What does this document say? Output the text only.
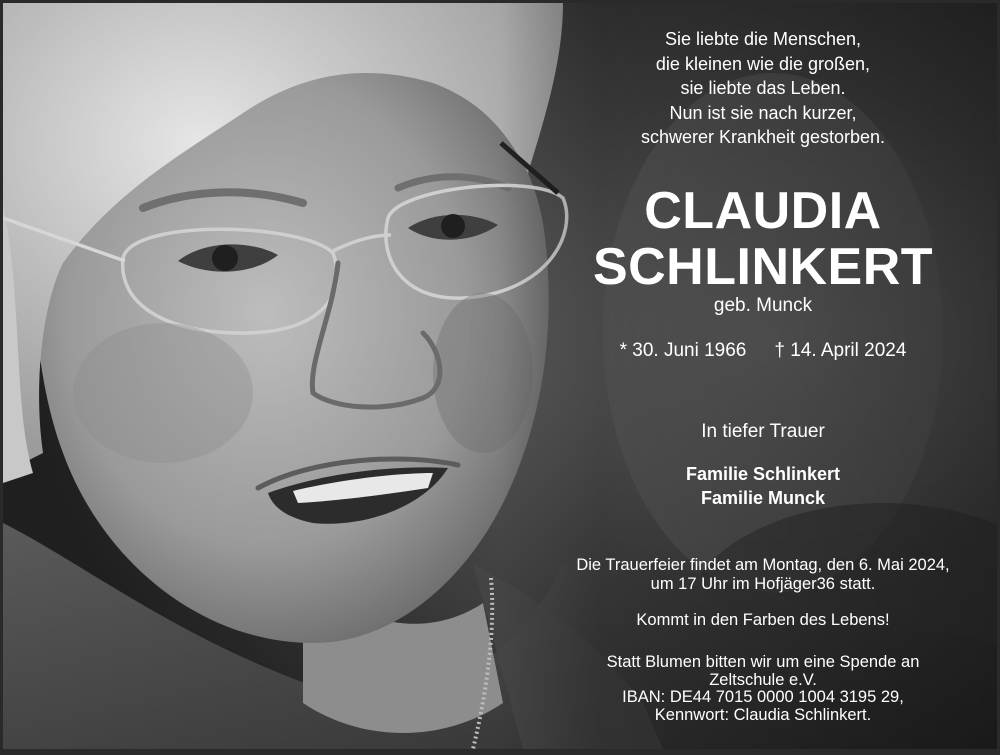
Sie liebte die Menschen,
die kleinen wie die großen,
sie liebte das Leben.
Nun ist sie nach kurzer,
schwerer Krankheit gestorben.
CLAUDIA
SCHLINKERT
geb. Munck
* 30. Juni 1966 † 14. April 2024
In tiefer Trauer
Familie Schlinkert
Familie Munck
Die Trauerfeier findet am Montag, den 6. Mai 2024,
um 17 Uhr im Hofjäger36 statt.
Kommt in den Farben des Lebens!
Statt Blumen bitten wir um eine Spende an
Zeltschule e.V.
IBAN: DE44 7015 0000 1004 3195 29,
Kennwort: Claudia Schlinkert.
